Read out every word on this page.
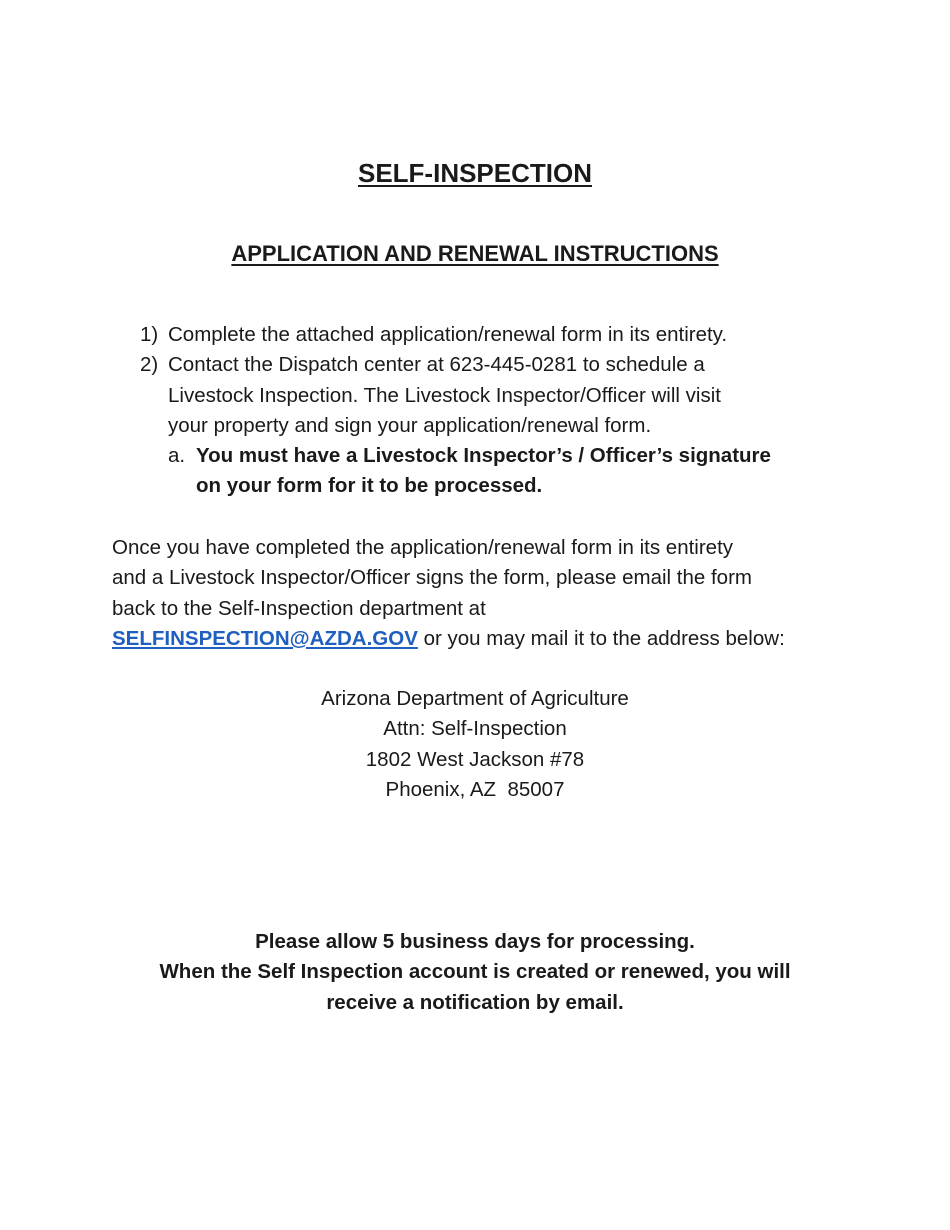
SELF-INSPECTION
APPLICATION AND RENEWAL INSTRUCTIONS
1) Complete the attached application/renewal form in its entirety.
2) Contact the Dispatch center at 623-445-0281 to schedule a
Livestock Inspection. The Livestock Inspector/Officer will visit
your property and sign your application/renewal form.
a. You must have a Livestock Inspector’s / Officer’s signature
on your form for it to be processed.
Once you have completed the application/renewal form in its entirety
and a Livestock Inspector/Officer signs the form, please email the form
back to the Self-Inspection department at
SELFINSPECTION@AZDA.GOV or you may mail it to the address below:
Arizona Department of Agriculture
Attn: Self-Inspection
1802 West Jackson #78
Phoenix, AZ  85007
Please allow 5 business days for processing.
When the Self Inspection account is created or renewed, you will
receive a notification by email.
